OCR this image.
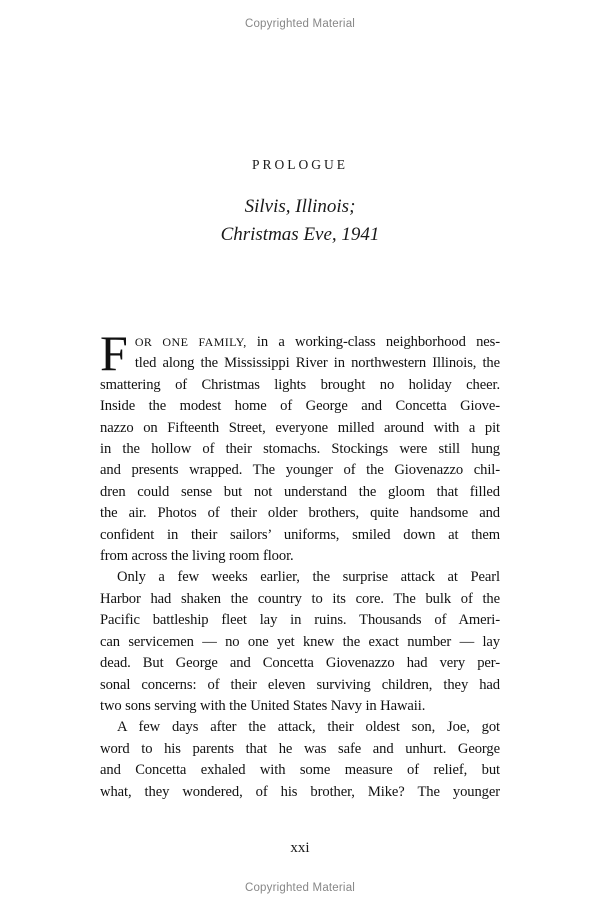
Copyrighted Material
PROLOGUE
Silvis, Illinois;
Christmas Eve, 1941
F OR ONE FAMILY, in a working-class neighborhood nes-
tled along the Mississippi River in northwestern Illinois, the
smattering of Christmas lights brought no holiday cheer.
Inside the modest home of George and Concetta Giove-
nazzo on Fifteenth Street, everyone milled around with a pit
in the hollow of their stomachs. Stockings were still hung
and presents wrapped. The younger of the Giovenazzo chil-
dren could sense but not understand the gloom that filled
the air. Photos of their older brothers, quite handsome and
confident in their sailors’ uniforms, smiled down at them
from across the living room floor.
Only a few weeks earlier, the surprise attack at Pearl
Harbor had shaken the country to its core. The bulk of the
Pacific battleship fleet lay in ruins. Thousands of Ameri-
can servicemen — no one yet knew the exact number — lay
dead. But George and Concetta Giovenazzo had very per-
sonal concerns: of their eleven surviving children, they had
two sons serving with the United States Navy in Hawaii.
A few days after the attack, their oldest son, Joe, got
word to his parents that he was safe and unhurt. George
and Concetta exhaled with some measure of relief, but
what, they wondered, of his brother, Mike? The younger
xxi
Copyrighted Material
